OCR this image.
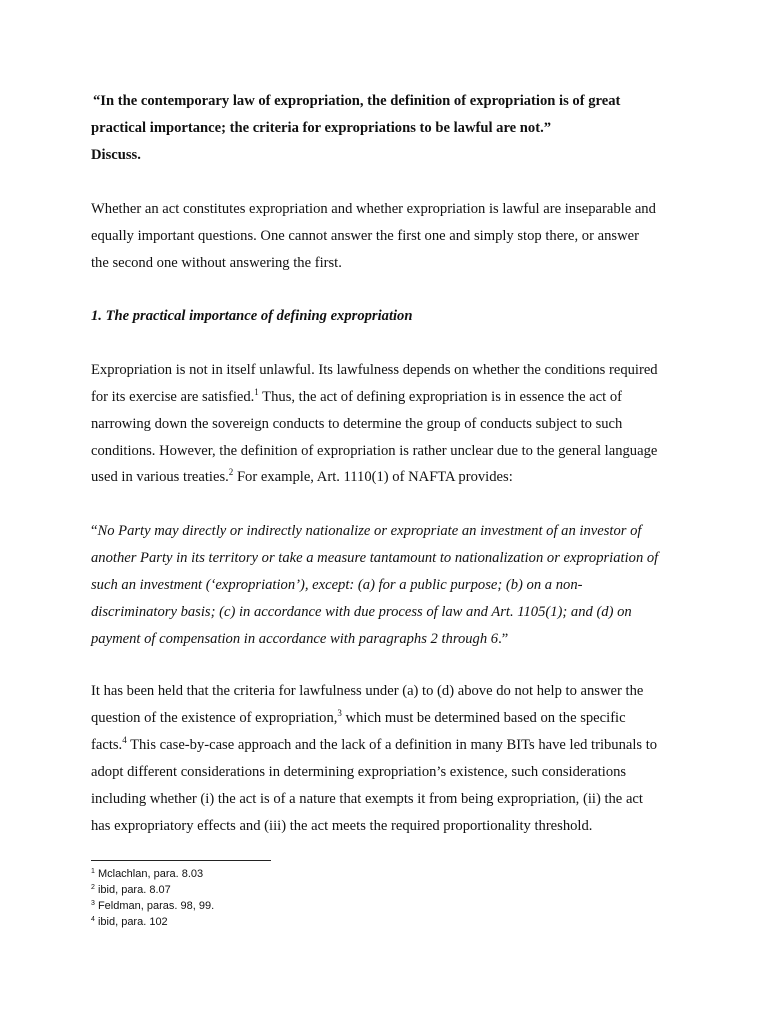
“In the contemporary law of expropriation, the definition of expropriation is of great
practical importance; the criteria for expropriations to be lawful are not.”
Discuss.
Whether an act constitutes expropriation and whether expropriation is lawful are inseparable and
equally important questions. One cannot answer the first one and simply stop there, or answer
the second one without answering the first.
1. The practical importance of defining expropriation
Expropriation is not in itself unlawful. Its lawfulness depends on whether the conditions required
for its exercise are satisfied.$^1$ Thus, the act of defining expropriation is in essence the act of
narrowing down the sovereign conducts to determine the group of conducts subject to such
conditions. However, the definition of expropriation is rather unclear due to the general language
used in various treaties.$^2$ For example, Art. 1110(1) of NAFTA provides:
“No Party may directly or indirectly nationalize or expropriate an investment of an investor of
another Party in its territory or take a measure tantamount to nationalization or expropriation of
such an investment (‘expropriation’), except: (a) for a public purpose; (b) on a non-
discriminatory basis; (c) in accordance with due process of law and Art. 1105(1); and (d) on
payment of compensation in accordance with paragraphs 2 through 6.”
It has been held that the criteria for lawfulness under (a) to (d) above do not help to answer the
question of the existence of expropriation,$^3$ which must be determined based on the specific
facts.$^4$ This case-by-case approach and the lack of a definition in many BITs have led tribunals to
adopt different considerations in determining expropriation’s existence, such considerations
including whether (i) the act is of a nature that exempts it from being expropriation, (ii) the act
has expropriatory effects and (iii) the act meets the required proportionality threshold.
$^1$ Mclachlan, para. 8.03
$^2$ ibid, para. 8.07
$^3$ Feldman, paras. 98, 99.
$^4$ ibid, para. 102
